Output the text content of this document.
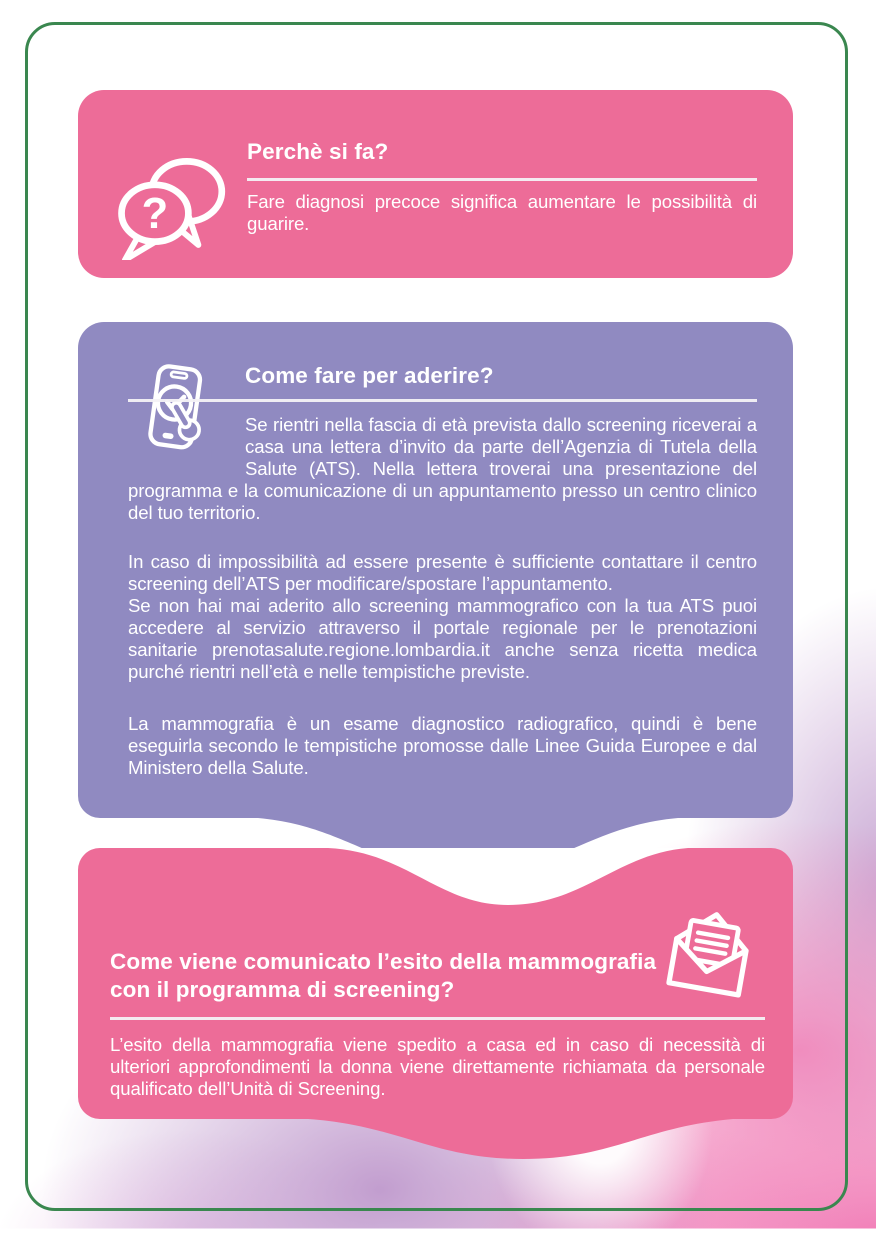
?
Perchè si fa?

Fare diagnosi precoce significa aumentare le possibilità di guarire.

Come fare per aderire?

Se rientri nella fascia di età prevista dallo screening riceverai a casa una lettera d’invito da parte dell’Agenzia di Tutela della Salute (ATS). Nella lettera troverai una presentazione del programma e la comunicazione di un appuntamento presso un centro clinico del tuo territorio.

In caso di impossibilità ad essere presente è sufficiente contattare il centro screening dell’ATS per modificare/spostare l’appuntamento.

Se non hai mai aderito allo screening mammografico con la tua ATS puoi accedere al servizio attraverso il portale regionale per le prenotazioni sanitarie prenotasalute.regione.lombardia.it anche senza ricetta medica purché rientri nell’età e nelle tempistiche previste.

La mammografia è un esame diagnostico radiografico, quindi è bene eseguirla secondo le tempistiche promosse dalle Linee Guida Europee e dal Ministero della Salute.

Come viene comunicato l’esito della mammografia con il programma di screening?

L’esito della mammografia viene spedito a casa ed in caso di necessità di ulteriori approfondimenti la donna viene direttamente richiamata da personale qualificato dell’Unità di Screening.
